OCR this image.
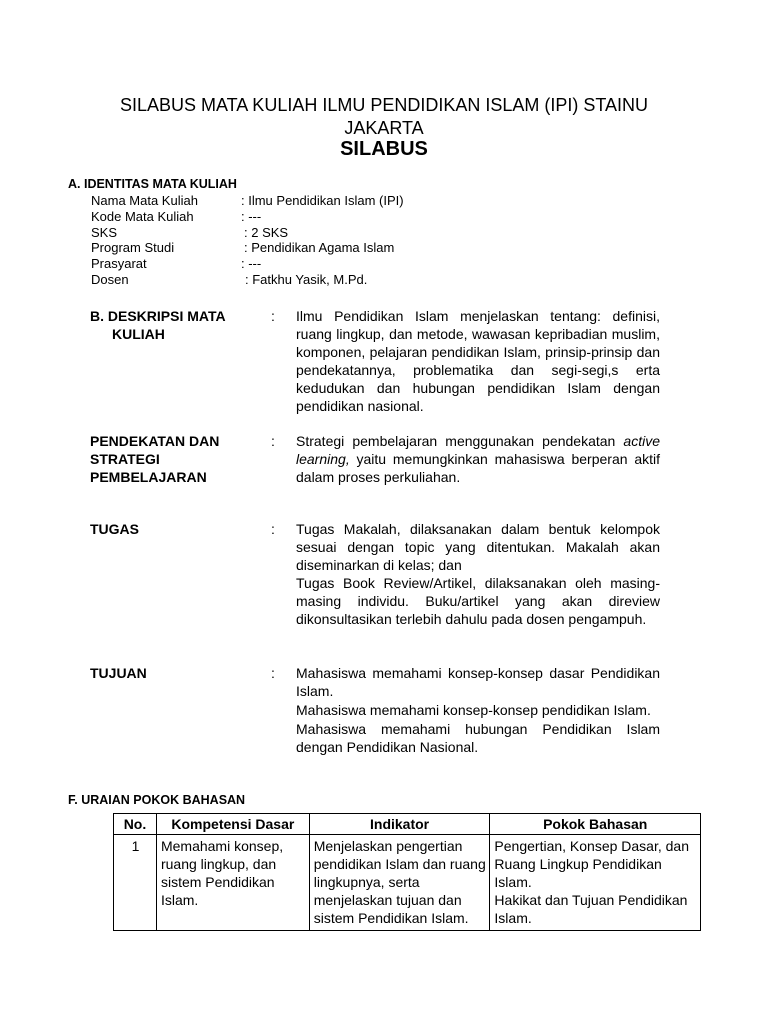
SILABUS MATA KULIAH ILMU PENDIDIKAN ISLAM (IPI) STAINU JAKARTA
SILABUS
A. IDENTITAS MATA KULIAH
Nama Mata Kuliah	: Ilmu Pendidikan Islam (IPI)
Kode Mata Kuliah	: ---
SKS	: 2 SKS
Program Studi	: Pendidikan Agama Islam
Prasyarat	: ---
Dosen	: Fatkhu Yasik, M.Pd.
B. DESKRIPSI MATA
KULIAH
: Ilmu Pendidikan Islam menjelaskan tentang: definisi, ruang lingkup, dan metode, wawasan kepribadian muslim, komponen, pelajaran pendidikan Islam, prinsip-prinsip dan pendekatannya, problematika dan segi-segi,s erta kedudukan dan hubungan pendidikan Islam dengan pendidikan nasional.

PENDEKATAN DAN
STRATEGI
PEMBELAJARAN
: Strategi pembelajaran menggunakan pendekatan active learning, yaitu memungkinkan mahasiswa berperan aktif dalam proses perkuliahan.

TUGAS	: Tugas Makalah, dilaksanakan dalam bentuk kelompok sesuai dengan topic yang ditentukan. Makalah akan diseminarkan di kelas; dan

Tugas Book Review/Artikel, dilaksanakan oleh masing-masing individu. Buku/artikel yang akan direview dikonsultasikan terlebih dahulu pada dosen pengampuh.

TUJUAN	: Mahasiswa memahami konsep-konsep dasar Pendidikan Islam.

Mahasiswa memahami konsep-konsep pendidikan Islam.

Mahasiswa memahami hubungan Pendidikan Islam dengan Pendidikan Nasional.

F. URAIAN POKOK BAHASAN
No.	Kompetensi Dasar	Indikator	Pokok Bahasan
1	Memahami konsep, ruang lingkup, dan sistem Pendidikan Islam.	Menjelaskan pengertian pendidikan Islam dan ruang lingkupnya, serta menjelaskan tujuan dan sistem Pendidikan Islam.	Pengertian, Konsep Dasar, dan Ruang Lingkup Pendidikan Islam.
Hakikat dan Tujuan Pendidikan Islam.
